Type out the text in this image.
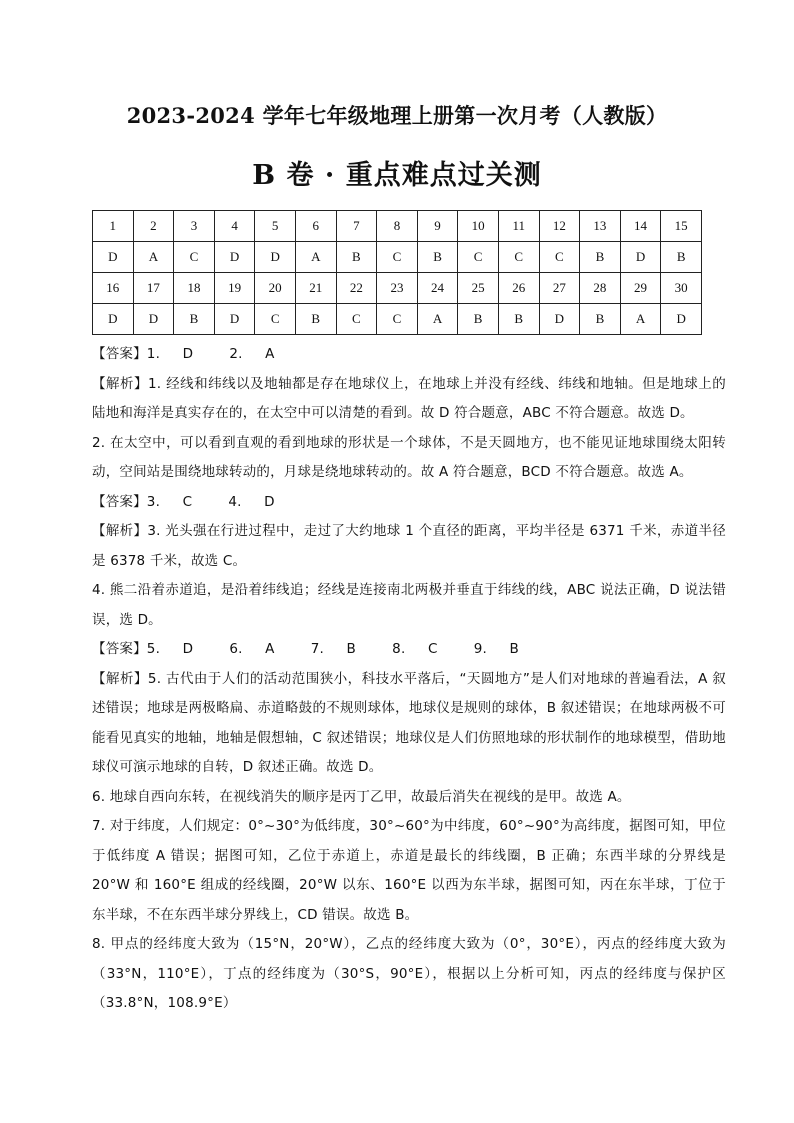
2023-2024 学年七年级地理上册第一次月考（人教版）
B 卷 · 重点难点过关测
1	2	3	4	5	6	7	8	9	10	11	12	13	14	15
D	A	C	D	D	A	B	C	B	C	C	C	B	D	B
16	17	18	19	20	21	22	23	24	25	26	27	28	29	30
D	D	B	D	C	B	C	C	A	B	B	D	B	A	D

【答案】1. D　 2. A

【解析】1. 经线和纬线以及地轴都是存在地球仪上，在地球上并没有经线、纬线和地轴。但是地球上的陆地和海洋是真实存在的，在太空中可以清楚的看到。故 D 符合题意，ABC 不符合题意。故选 D。

2. 在太空中，可以看到直观的看到地球的形状是一个球体，不是天圆地方，也不能见证地球围绕太阳转动，空间站是围绕地球转动的，月球是绕地球转动的。故 A 符合题意，BCD 不符合题意。故选 A。

【答案】3. C　 4. D

【解析】3. 光头强在行进过程中，走过了大约地球 1 个直径的距离，平均半径是 6371 千米，赤道半径是 6378 千米，故选 C。

4. 熊二沿着赤道追，是沿着纬线追；经线是连接南北两极并垂直于纬线的线，ABC 说法正确，D 说法错误，选 D。

【答案】5. D　 6. A　 7. B　 8. C　 9. B

【解析】5. 古代由于人们的活动范围狭小，科技水平落后，“天圆地方”是人们对地球的普遍看法，A 叙述错误；地球是两极略扁、赤道略鼓的不规则球体，地球仪是规则的球体，B 叙述错误；在地球两极不可能看见真实的地轴，地轴是假想轴，C 叙述错误；地球仪是人们仿照地球的形状制作的地球模型，借助地球仪可演示地球的自转，D 叙述正确。故选 D。

6. 地球自西向东转，在视线消失的顺序是丙丁乙甲，故最后消失在视线的是甲。故选 A。

7. 对于纬度，人们规定：0°~30°为低纬度，30°~60°为中纬度，60°~90°为高纬度，据图可知，甲位于低纬度 A 错误；据图可知，乙位于赤道上，赤道是最长的纬线圈，B 正确；东西半球的分界线是 20°W 和 160°E 组成的经线圈，20°W 以东、160°E 以西为东半球，据图可知，丙在东半球，丁位于东半球，不在东西半球分界线上，CD 错误。故选 B。

8. 甲点的经纬度大致为（15°N，20°W），乙点的经纬度大致为（0°，30°E），丙点的经纬度大致为（33°N，110°E），丁点的经纬度为（30°S，90°E），根据以上分析可知，丙点的经纬度与保护区（33.8°N，108.9°E）
